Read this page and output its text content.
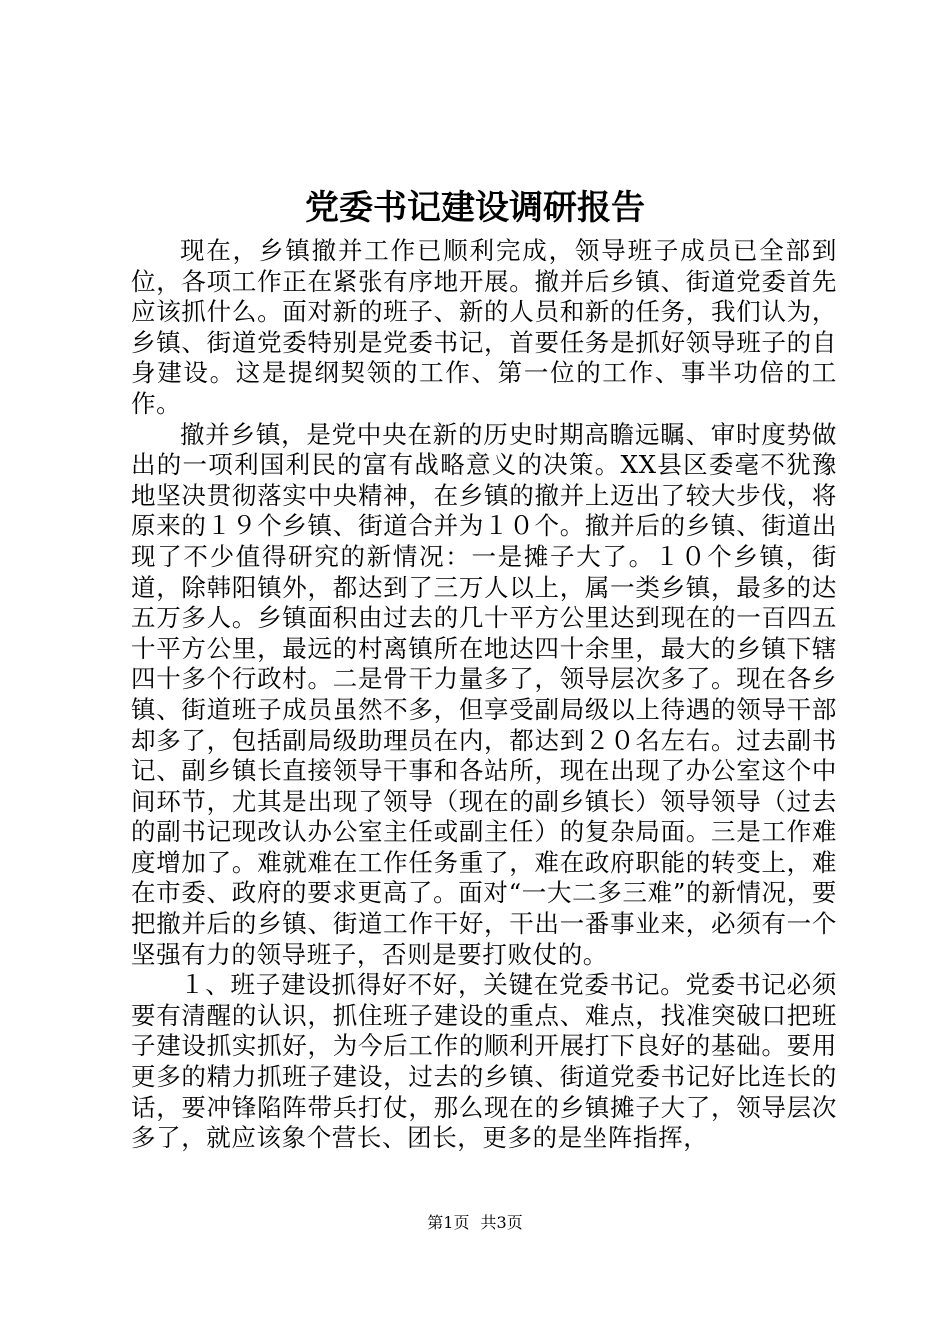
党委书记建设调研报告

现在，乡镇撤并工作已顺利完成，领导班子成员已全部到位，各项工作正在紧张有序地开展。撤并后乡镇、街道党委首先应该抓什么。面对新的班子、新的人员和新的任务，我们认为，乡镇、街道党委特别是党委书记，首要任务是抓好领导班子的自身建设。这是提纲契领的工作、第一位的工作、事半功倍的工作。

撤并乡镇，是党中央在新的历史时期高瞻远瞩、审时度势做出的一项利国利民的富有战略意义的决策。XX县区委毫不犹豫地坚决贯彻落实中央精神，在乡镇的撤并上迈出了较大步伐，将原来的１９个乡镇、街道合并为１０个。撤并后的乡镇、街道出现了不少值得研究的新情况：一是摊子大了。１０个乡镇，街道，除韩阳镇外，都达到了三万人以上，属一类乡镇，最多的达五万多人。乡镇面积由过去的几十平方公里达到现在的一百四五十平方公里，最远的村离镇所在地达四十余里，最大的乡镇下辖四十多个行政村。二是骨干力量多了，领导层次多了。现在各乡镇、街道班子成员虽然不多，但享受副局级以上待遇的领导干部却多了，包括副局级助理员在内，都达到２０名左右。过去副书记、副乡镇长直接领导干事和各站所，现在出现了办公室这个中间环节，尤其是出现了领导（现在的副乡镇长）领导领导（过去的副书记现改认办公室主任或副主任）的复杂局面。三是工作难度增加了。难就难在工作任务重了，难在政府职能的转变上，难在市委、政府的要求更高了。面对“一大二多三难”的新情况，要把撤并后的乡镇、街道工作干好，干出一番事业来，必须有一个坚强有力的领导班子，否则是要打败仗的。

１、班子建设抓得好不好，关键在党委书记。党委书记必须要有清醒的认识，抓住班子建设的重点、难点，找准突破口把班子建设抓实抓好，为今后工作的顺利开展打下良好的基础。要用更多的精力抓班子建设，过去的乡镇、街道党委书记好比连长的话，要冲锋陷阵带兵打仗，那么现在的乡镇摊子大了，领导层次多了，就应该象个营长、团长，更多的是坐阵指挥，

第1页 共3页
